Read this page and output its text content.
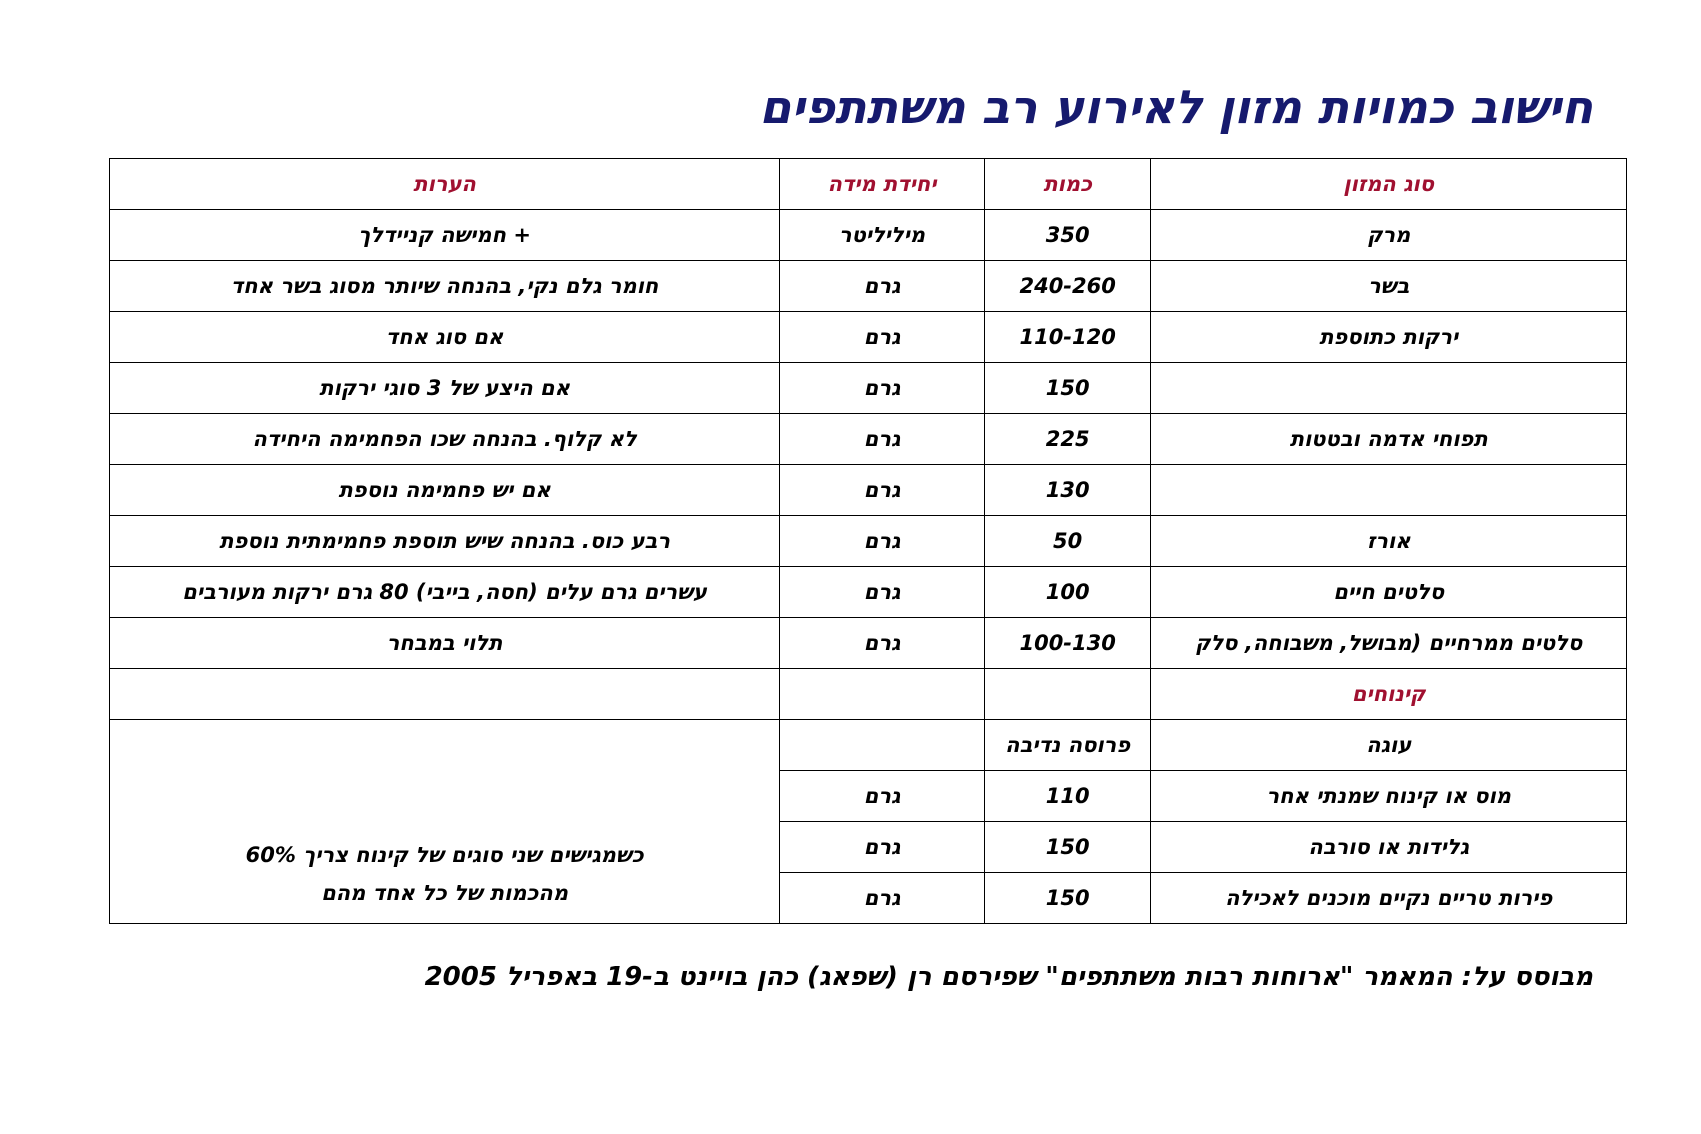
חישוב כמויות מזון לאירוע רב משתתפים
סוג המזון	כמות	יחידת מידה	הערות
מרק	350	מיליליטר	+ חמישה קניידלך
בשר	240-260	גרם	חומר גלם נקי, בהנחה שיותר מסוג בשר אחד
ירקות כתוספת	110-120	גרם	אם סוג אחד
	150	גרם	אם היצע של 3 סוגי ירקות
תפוחי אדמה ובטטות	225	גרם	לא קלוף. בהנחה שכו הפחמימה היחידה
	130	גרם	אם יש פחמימה נוספת
אורז	50	גרם	רבע כוס. בהנחה שיש תוספת פחמימתית נוספת
סלטים חיים	100	גרם	עשרים גרם עלים (חסה, בייבי) 80 גרם ירקות מעורבים
סלטים ממרחיים (מבושל, משבוחה, סלק	100-130	גרם	תלוי במבחר
קינוחים			
עוגה	פרוסה נדיבה		כשמגישים שני סוגים של קינוח צריך 60%
מהכמות של כל אחד מהם

מוס או קינוח שמנתי אחר	110	גרם	
גלידות או סורבה	150	גרם	
פירות טריים נקיים מוכנים לאכילה	150	גרם	

מבוסס על: המאמר "ארוחות רבות משתתפים" שפירסם רן (שפאג) כהן בויינט ב-19 באפריל 2005
